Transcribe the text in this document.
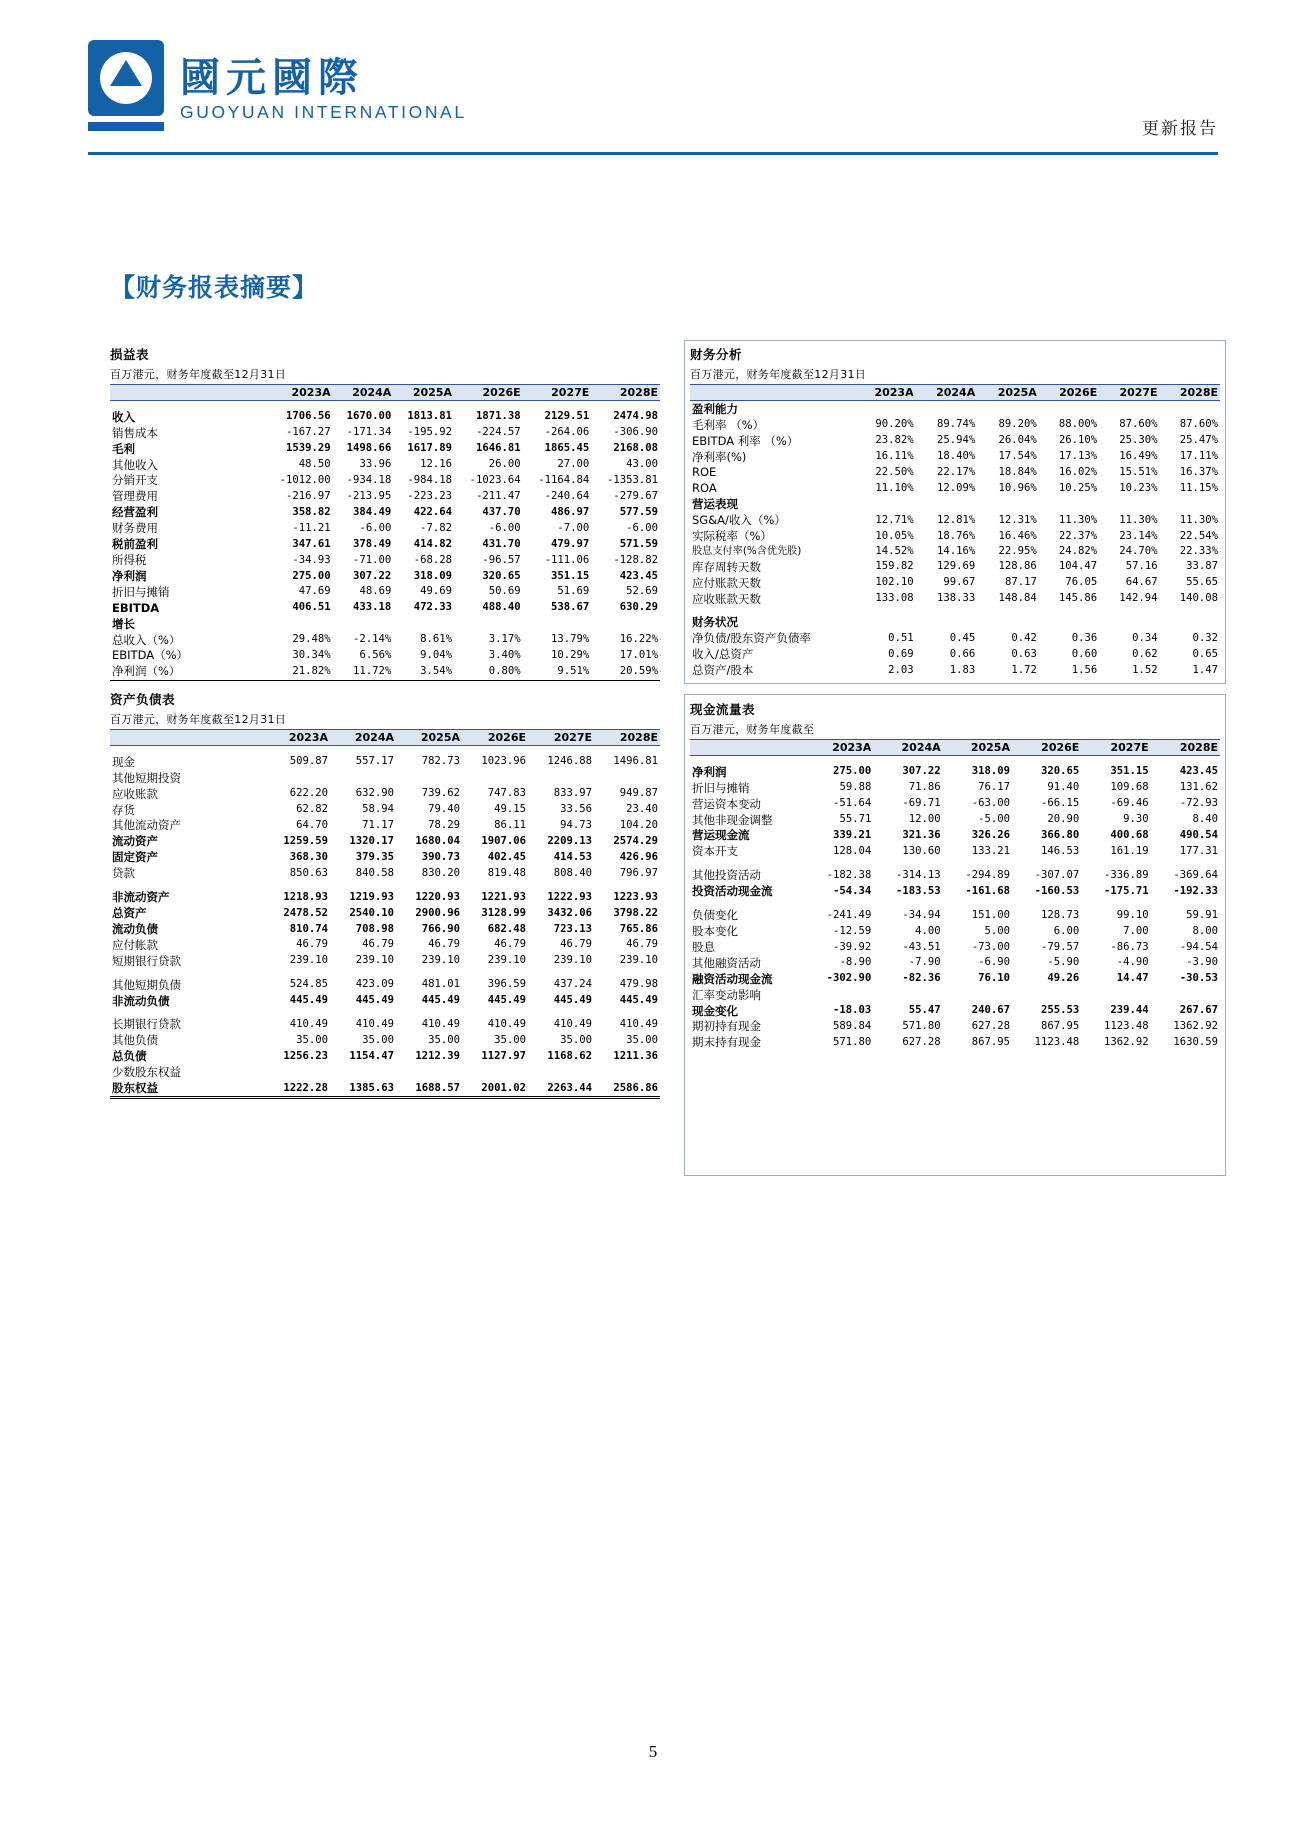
國元國際
GUOYUAN INTERNATIONAL
更新报告
【财务报表摘要】
损益表
百万港元，财务年度截至12月31日
	2023A	2024A	2025A	2026E	2027E	2028E

收入	1706.56	1670.00	1813.81	1871.38	2129.51	2474.98
销售成本	-167.27	-171.34	-195.92	-224.57	-264.06	-306.90
毛利	1539.29	1498.66	1617.89	1646.81	1865.45	2168.08
其他收入	48.50	33.96	12.16	26.00	27.00	43.00
分销开支	-1012.00	-934.18	-984.18	-1023.64	-1164.84	-1353.81
管理费用	-216.97	-213.95	-223.23	-211.47	-240.64	-279.67
经营盈利	358.82	384.49	422.64	437.70	486.97	577.59
财务费用	-11.21	-6.00	-7.82	-6.00	-7.00	-6.00
税前盈利	347.61	378.49	414.82	431.70	479.97	571.59
所得税	-34.93	-71.00	-68.28	-96.57	-111.06	-128.82
净利润	275.00	307.22	318.09	320.65	351.15	423.45
折旧与摊销	47.69	48.69	49.69	50.69	51.69	52.69
EBITDA	406.51	433.18	472.33	488.40	538.67	630.29
增长						
总收入（%）	29.48%	-2.14%	8.61%	3.17%	13.79%	16.22%
EBITDA（%）	30.34%	6.56%	9.04%	3.40%	10.29%	17.01%
净利润（%）	21.82%	11.72%	3.54%	0.80%	9.51%	20.59%
资产负债表
百万港元，财务年度截至12月31日
	2023A	2024A	2025A	2026E	2027E	2028E

现金	509.87	557.17	782.73	1023.96	1246.88	1496.81
其他短期投资						
应收账款	622.20	632.90	739.62	747.83	833.97	949.87
存货	62.82	58.94	79.40	49.15	33.56	23.40
其他流动资产	64.70	71.17	78.29	86.11	94.73	104.20
流动资产	1259.59	1320.17	1680.04	1907.06	2209.13	2574.29
固定资产	368.30	379.35	390.73	402.45	414.53	426.96
贷款	850.63	840.58	830.20	819.48	808.40	796.97

非流动资产	1218.93	1219.93	1220.93	1221.93	1222.93	1223.93
总资产	2478.52	2540.10	2900.96	3128.99	3432.06	3798.22
流动负债	810.74	708.98	766.90	682.48	723.13	765.86
应付帐款	46.79	46.79	46.79	46.79	46.79	46.79
短期银行贷款	239.10	239.10	239.10	239.10	239.10	239.10

其他短期负债	524.85	423.09	481.01	396.59	437.24	479.98
非流动负债	445.49	445.49	445.49	445.49	445.49	445.49

长期银行贷款	410.49	410.49	410.49	410.49	410.49	410.49
其他负债	35.00	35.00	35.00	35.00	35.00	35.00
总负债	1256.23	1154.47	1212.39	1127.97	1168.62	1211.36
少数股东权益						
股东权益	1222.28	1385.63	1688.57	2001.02	2263.44	2586.86
财务分析
百万港元，财务年度截至12月31日
	2023A	2024A	2025A	2026E	2027E	2028E
盈利能力						
毛利率 （%）	90.20%	89.74%	89.20%	88.00%	87.60%	87.60%
EBITDA 利率 （%）	23.82%	25.94%	26.04%	26.10%	25.30%	25.47%
净利率(%)	16.11%	18.40%	17.54%	17.13%	16.49%	17.11%
ROE	22.50%	22.17%	18.84%	16.02%	15.51%	16.37%
ROA	11.10%	12.09%	10.96%	10.25%	10.23%	11.15%
营运表现						
SG&A/收入（%）	12.71%	12.81%	12.31%	11.30%	11.30%	11.30%
实际税率（%）	10.05%	18.76%	16.46%	22.37%	23.14%	22.54%
股息支付率(%含优先股)	14.52%	14.16%	22.95%	24.82%	24.70%	22.33%
库存周转天数	159.82	129.69	128.86	104.47	57.16	33.87
应付账款天数	102.10	99.67	87.17	76.05	64.67	55.65
应收账款天数	133.08	138.33	148.84	145.86	142.94	140.08

财务状况						
净负债/股东资产负债率	0.51	0.45	0.42	0.36	0.34	0.32
收入/总资产	0.69	0.66	0.63	0.60	0.62	0.65
总资产/股本	2.03	1.83	1.72	1.56	1.52	1.47
现金流量表
百万港元，财务年度截至
	2023A	2024A	2025A	2026E	2027E	2028E

净利润	275.00	307.22	318.09	320.65	351.15	423.45
折旧与摊销	59.88	71.86	76.17	91.40	109.68	131.62
营运资本变动	-51.64	-69.71	-63.00	-66.15	-69.46	-72.93
其他非现金调整	55.71	12.00	-5.00	20.90	9.30	8.40
营运现金流	339.21	321.36	326.26	366.80	400.68	490.54
资本开支	128.04	130.60	133.21	146.53	161.19	177.31

其他投资活动	-182.38	-314.13	-294.89	-307.07	-336.89	-369.64
投资活动现金流	-54.34	-183.53	-161.68	-160.53	-175.71	-192.33

负债变化	-241.49	-34.94	151.00	128.73	99.10	59.91
股本变化	-12.59	4.00	5.00	6.00	7.00	8.00
股息	-39.92	-43.51	-73.00	-79.57	-86.73	-94.54
其他融资活动	-8.90	-7.90	-6.90	-5.90	-4.90	-3.90
融资活动现金流	-302.90	-82.36	76.10	49.26	14.47	-30.53
汇率变动影响						
现金变化	-18.03	55.47	240.67	255.53	239.44	267.67
期初持有现金	589.84	571.80	627.28	867.95	1123.48	1362.92
期末持有现金	571.80	627.28	867.95	1123.48	1362.92	1630.59
5
